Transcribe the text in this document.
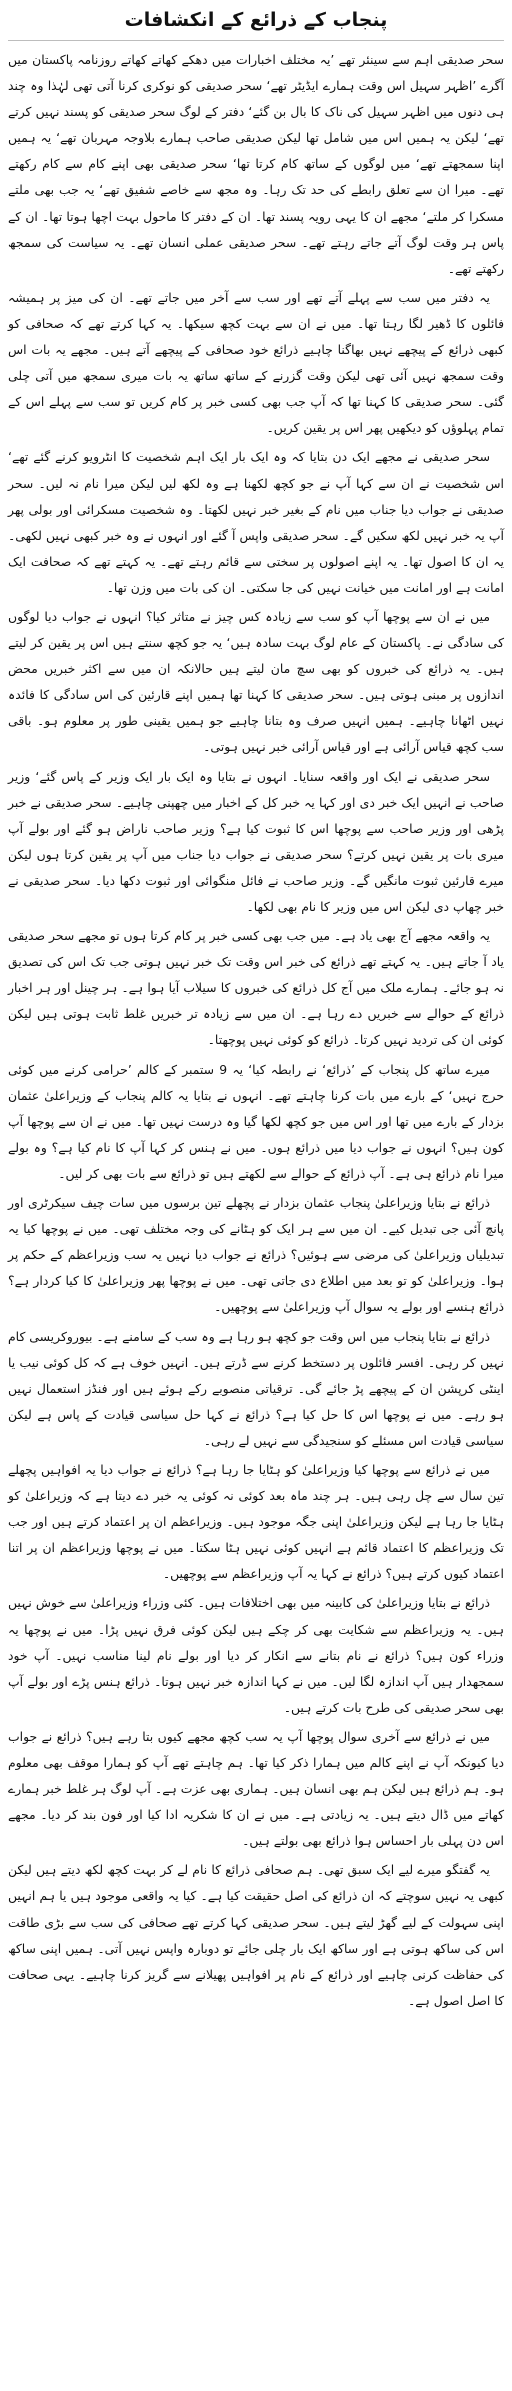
پنجاب کے ذرائع کے انکشافات

سحر صدیقی اہم سے سینئر تھے ’یہ مختلف اخبارات میں دھکے کھاتے کھاتے روزنامہ پاکستان میں آگرے ’اظہر سہیل اس وقت ہمارے ایڈیٹر تھے‘ سحر صدیقی کو نوکری کرنا آتی تھی لہٰذا وہ چند ہی دنوں میں اظہر سہیل کی ناک کا بال بن گئے‘ دفتر کے لوگ سحر صدیقی کو پسند نہیں کرتے تھے‘ لیکن یہ ہمیں اس میں شامل تھا لیکن صدیقی صاحب ہمارے بلاوجہ مہربان تھے‘ یہ ہمیں اپنا سمجھتے تھے‘ میں لوگوں کے ساتھ کام کرتا تھا‘ سحر صدیقی بھی اپنے کام سے کام رکھتے تھے۔ میرا ان سے تعلق رابطے کی حد تک رہا۔ وہ مجھ سے خاصے شفیق تھے‘ یہ جب بھی ملتے مسکرا کر ملتے‘ مجھے ان کا یہی رویہ پسند تھا۔ ان کے دفتر کا ماحول بہت اچھا ہوتا تھا۔ ان کے پاس ہر وقت لوگ آتے جاتے رہتے تھے۔ سحر صدیقی عملی انسان تھے۔ یہ سیاست کی سمجھ رکھتے تھے۔

یہ دفتر میں سب سے پہلے آتے تھے اور سب سے آخر میں جاتے تھے۔ ان کی میز پر ہمیشہ فائلوں کا ڈھیر لگا رہتا تھا۔ میں نے ان سے بہت کچھ سیکھا۔ یہ کہا کرتے تھے کہ صحافی کو کبھی ذرائع کے پیچھے نہیں بھاگنا چاہیے ذرائع خود صحافی کے پیچھے آتے ہیں۔ مجھے یہ بات اس وقت سمجھ نہیں آئی تھی لیکن وقت گزرنے کے ساتھ ساتھ یہ بات میری سمجھ میں آتی چلی گئی۔ سحر صدیقی کا کہنا تھا کہ آپ جب بھی کسی خبر پر کام کریں تو سب سے پہلے اس کے تمام پہلوؤں کو دیکھیں پھر اس پر یقین کریں۔

سحر صدیقی نے مجھے ایک دن بتایا کہ وہ ایک بار ایک اہم شخصیت کا انٹرویو کرنے گئے تھے‘ اس شخصیت نے ان سے کہا آپ نے جو کچھ لکھنا ہے وہ لکھ لیں لیکن میرا نام نہ لیں۔ سحر صدیقی نے جواب دیا جناب میں نام کے بغیر خبر نہیں لکھتا۔ وہ شخصیت مسکرائی اور بولی پھر آپ یہ خبر نہیں لکھ سکیں گے۔ سحر صدیقی واپس آ گئے اور انہوں نے وہ خبر کبھی نہیں لکھی۔ یہ ان کا اصول تھا۔ یہ اپنے اصولوں پر سختی سے قائم رہتے تھے۔ یہ کہتے تھے کہ صحافت ایک امانت ہے اور امانت میں خیانت نہیں کی جا سکتی۔ ان کی بات میں وزن تھا۔

میں نے ان سے پوچھا آپ کو سب سے زیادہ کس چیز نے متاثر کیا؟ انہوں نے جواب دیا لوگوں کی سادگی نے۔ پاکستان کے عام لوگ بہت سادہ ہیں‘ یہ جو کچھ سنتے ہیں اس پر یقین کر لیتے ہیں۔ یہ ذرائع کی خبروں کو بھی سچ مان لیتے ہیں حالانکہ ان میں سے اکثر خبریں محض اندازوں پر مبنی ہوتی ہیں۔ سحر صدیقی کا کہنا تھا ہمیں اپنے قارئین کی اس سادگی کا فائدہ نہیں اٹھانا چاہیے۔ ہمیں انہیں صرف وہ بتانا چاہیے جو ہمیں یقینی طور پر معلوم ہو۔ باقی سب کچھ قیاس آرائی ہے اور قیاس آرائی خبر نہیں ہوتی۔

سحر صدیقی نے ایک اور واقعہ سنایا۔ انہوں نے بتایا وہ ایک بار ایک وزیر کے پاس گئے‘ وزیر صاحب نے انہیں ایک خبر دی اور کہا یہ خبر کل کے اخبار میں چھپنی چاہیے۔ سحر صدیقی نے خبر پڑھی اور وزیر صاحب سے پوچھا اس کا ثبوت کیا ہے؟ وزیر صاحب ناراض ہو گئے اور بولے آپ میری بات پر یقین نہیں کرتے؟ سحر صدیقی نے جواب دیا جناب میں آپ پر یقین کرتا ہوں لیکن میرے قارئین ثبوت مانگیں گے۔ وزیر صاحب نے فائل منگوائی اور ثبوت دکھا دیا۔ سحر صدیقی نے خبر چھاپ دی لیکن اس میں وزیر کا نام بھی لکھا۔

یہ واقعہ مجھے آج بھی یاد ہے۔ میں جب بھی کسی خبر پر کام کرتا ہوں تو مجھے سحر صدیقی یاد آ جاتے ہیں۔ یہ کہتے تھے ذرائع کی خبر اس وقت تک خبر نہیں ہوتی جب تک اس کی تصدیق نہ ہو جائے۔ ہمارے ملک میں آج کل ذرائع کی خبروں کا سیلاب آیا ہوا ہے۔ ہر چینل اور ہر اخبار ذرائع کے حوالے سے خبریں دے رہا ہے۔ ان میں سے زیادہ تر خبریں غلط ثابت ہوتی ہیں لیکن کوئی ان کی تردید نہیں کرتا۔ ذرائع کو کوئی نہیں پوچھتا۔

میرے ساتھ کل پنجاب کے ’ذرائع‘ نے رابطہ کیا‘ یہ 9 ستمبر کے کالم ’حرامی کرنے میں کوئی حرج نہیں‘ کے بارے میں بات کرنا چاہتے تھے۔ انہوں نے بتایا یہ کالم پنجاب کے وزیراعلیٰ عثمان بزدار کے بارے میں تھا اور اس میں جو کچھ لکھا گیا وہ درست نہیں تھا۔ میں نے ان سے پوچھا آپ کون ہیں؟ انہوں نے جواب دیا میں ذرائع ہوں۔ میں نے ہنس کر کہا آپ کا نام کیا ہے؟ وہ بولے میرا نام ذرائع ہی ہے۔ آپ ذرائع کے حوالے سے لکھتے ہیں تو ذرائع سے بات بھی کر لیں۔

ذرائع نے بتایا وزیراعلیٰ پنجاب عثمان بزدار نے پچھلے تین برسوں میں سات چیف سیکرٹری اور پانچ آئی جی تبدیل کیے۔ ان میں سے ہر ایک کو ہٹانے کی وجہ مختلف تھی۔ میں نے پوچھا کیا یہ تبدیلیاں وزیراعلیٰ کی مرضی سے ہوئیں؟ ذرائع نے جواب دیا نہیں یہ سب وزیراعظم کے حکم پر ہوا۔ وزیراعلیٰ کو تو بعد میں اطلاع دی جاتی تھی۔ میں نے پوچھا پھر وزیراعلیٰ کا کیا کردار ہے؟ ذرائع ہنسے اور بولے یہ سوال آپ وزیراعلیٰ سے پوچھیں۔

ذرائع نے بتایا پنجاب میں اس وقت جو کچھ ہو رہا ہے وہ سب کے سامنے ہے۔ بیوروکریسی کام نہیں کر رہی۔ افسر فائلوں پر دستخط کرنے سے ڈرتے ہیں۔ انہیں خوف ہے کہ کل کوئی نیب یا اینٹی کرپشن ان کے پیچھے پڑ جائے گی۔ ترقیاتی منصوبے رکے ہوئے ہیں اور فنڈز استعمال نہیں ہو رہے۔ میں نے پوچھا اس کا حل کیا ہے؟ ذرائع نے کہا حل سیاسی قیادت کے پاس ہے لیکن سیاسی قیادت اس مسئلے کو سنجیدگی سے نہیں لے رہی۔

میں نے ذرائع سے پوچھا کیا وزیراعلیٰ کو ہٹایا جا رہا ہے؟ ذرائع نے جواب دیا یہ افواہیں پچھلے تین سال سے چل رہی ہیں۔ ہر چند ماہ بعد کوئی نہ کوئی یہ خبر دے دیتا ہے کہ وزیراعلیٰ کو ہٹایا جا رہا ہے لیکن وزیراعلیٰ اپنی جگہ موجود ہیں۔ وزیراعظم ان پر اعتماد کرتے ہیں اور جب تک وزیراعظم کا اعتماد قائم ہے انہیں کوئی نہیں ہٹا سکتا۔ میں نے پوچھا وزیراعظم ان پر اتنا اعتماد کیوں کرتے ہیں؟ ذرائع نے کہا یہ آپ وزیراعظم سے پوچھیں۔

ذرائع نے بتایا وزیراعلیٰ کی کابینہ میں بھی اختلافات ہیں۔ کئی وزراء وزیراعلیٰ سے خوش نہیں ہیں۔ یہ وزیراعظم سے شکایت بھی کر چکے ہیں لیکن کوئی فرق نہیں پڑا۔ میں نے پوچھا یہ وزراء کون ہیں؟ ذرائع نے نام بتانے سے انکار کر دیا اور بولے نام لینا مناسب نہیں۔ آپ خود سمجھدار ہیں آپ اندازہ لگا لیں۔ میں نے کہا اندازہ خبر نہیں ہوتا۔ ذرائع ہنس پڑے اور بولے آپ بھی سحر صدیقی کی طرح بات کرتے ہیں۔

میں نے ذرائع سے آخری سوال پوچھا آپ یہ سب کچھ مجھے کیوں بتا رہے ہیں؟ ذرائع نے جواب دیا کیونکہ آپ نے اپنے کالم میں ہمارا ذکر کیا تھا۔ ہم چاہتے تھے آپ کو ہمارا موقف بھی معلوم ہو۔ ہم ذرائع ہیں لیکن ہم بھی انسان ہیں۔ ہماری بھی عزت ہے۔ آپ لوگ ہر غلط خبر ہمارے کھاتے میں ڈال دیتے ہیں۔ یہ زیادتی ہے۔ میں نے ان کا شکریہ ادا کیا اور فون بند کر دیا۔ مجھے اس دن پہلی بار احساس ہوا ذرائع بھی بولتے ہیں۔

یہ گفتگو میرے لیے ایک سبق تھی۔ ہم صحافی ذرائع کا نام لے کر بہت کچھ لکھ دیتے ہیں لیکن کبھی یہ نہیں سوچتے کہ ان ذرائع کی اصل حقیقت کیا ہے۔ کیا یہ واقعی موجود ہیں یا ہم انہیں اپنی سہولت کے لیے گھڑ لیتے ہیں۔ سحر صدیقی کہا کرتے تھے صحافی کی سب سے بڑی طاقت اس کی ساکھ ہوتی ہے اور ساکھ ایک بار چلی جائے تو دوبارہ واپس نہیں آتی۔ ہمیں اپنی ساکھ کی حفاظت کرنی چاہیے اور ذرائع کے نام پر افواہیں پھیلانے سے گریز کرنا چاہیے۔ یہی صحافت کا اصل اصول ہے۔
